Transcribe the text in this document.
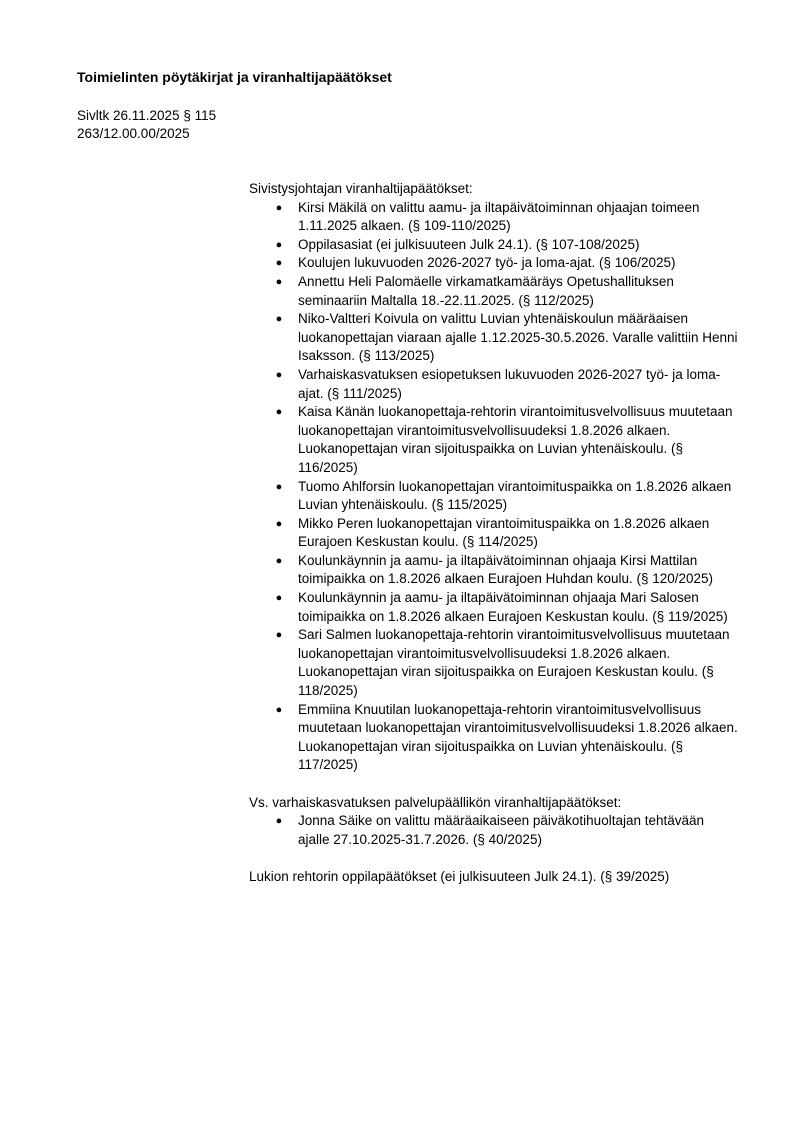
Toimielinten pöytäkirjat ja viranhaltijapäätökset
Sivltk 26.11.2025 § 115
263/12.00.00/2025
Sivistysjohtajan viranhaltijapäätökset:
● Kirsi Mäkilä on valittu aamu- ja iltapäivätoiminnan ohjaajan toimeen 1.11.2025 alkaen. (§ 109-110/2025)
● Oppilasasiat (ei julkisuuteen Julk 24.1). (§ 107-108/2025)
● Koulujen lukuvuoden 2026-2027 työ- ja loma-ajat. (§ 106/2025)
● Annettu Heli Palomäelle virkamatkamääräys Opetushallituksen seminaariin Maltalla 18.-22.11.2025. (§ 112/2025)
● Niko-Valtteri Koivula on valittu Luvian yhtenäiskoulun määräaisen luokanopettajan viaraan ajalle 1.12.2025-30.5.2026. Varalle valittiin Henni Isaksson. (§ 113/2025)
● Varhaiskasvatuksen esiopetuksen lukuvuoden 2026-2027 työ- ja loma-ajat. (§ 111/2025)
● Kaisa Känän luokanopettaja-rehtorin virantoimitusvelvollisuus muutetaan luokanopettajan virantoimitusvelvollisuudeksi 1.8.2026 alkaen. Luokanopettajan viran sijoituspaikka on Luvian yhtenäiskoulu. (§ 116/2025)
● Tuomo Ahlforsin luokanopettajan virantoimituspaikka on 1.8.2026 alkaen Luvian yhtenäiskoulu. (§ 115/2025)
● Mikko Peren luokanopettajan virantoimituspaikka on 1.8.2026 alkaen Eurajoen Keskustan koulu. (§ 114/2025)
● Koulunkäynnin ja aamu- ja iltapäivätoiminnan ohjaaja Kirsi Mattilan toimipaikka on 1.8.2026 alkaen Eurajoen Huhdan koulu. (§ 120/2025)
● Koulunkäynnin ja aamu- ja iltapäivätoiminnan ohjaaja Mari Salosen toimipaikka on 1.8.2026 alkaen Eurajoen Keskustan koulu. (§ 119/2025)
● Sari Salmen luokanopettaja-rehtorin virantoimitusvelvollisuus muutetaan luokanopettajan virantoimitusvelvollisuudeksi 1.8.2026 alkaen. Luokanopettajan viran sijoituspaikka on Eurajoen Keskustan koulu. (§ 118/2025)
● Emmiina Knuutilan luokanopettaja-rehtorin virantoimitusvelvollisuus muutetaan luokanopettajan virantoimitusvelvollisuudeksi 1.8.2026 alkaen. Luokanopettajan viran sijoituspaikka on Luvian yhtenäiskoulu. (§ 117/2025)
Vs. varhaiskasvatuksen palvelupäällikön viranhaltijapäätökset:
● Jonna Säike on valittu määräaikaiseen päiväkotihuoltajan tehtävään ajalle 27.10.2025-31.7.2026. (§ 40/2025)
Lukion rehtorin oppilapäätökset (ei julkisuuteen Julk 24.1). (§ 39/2025)
